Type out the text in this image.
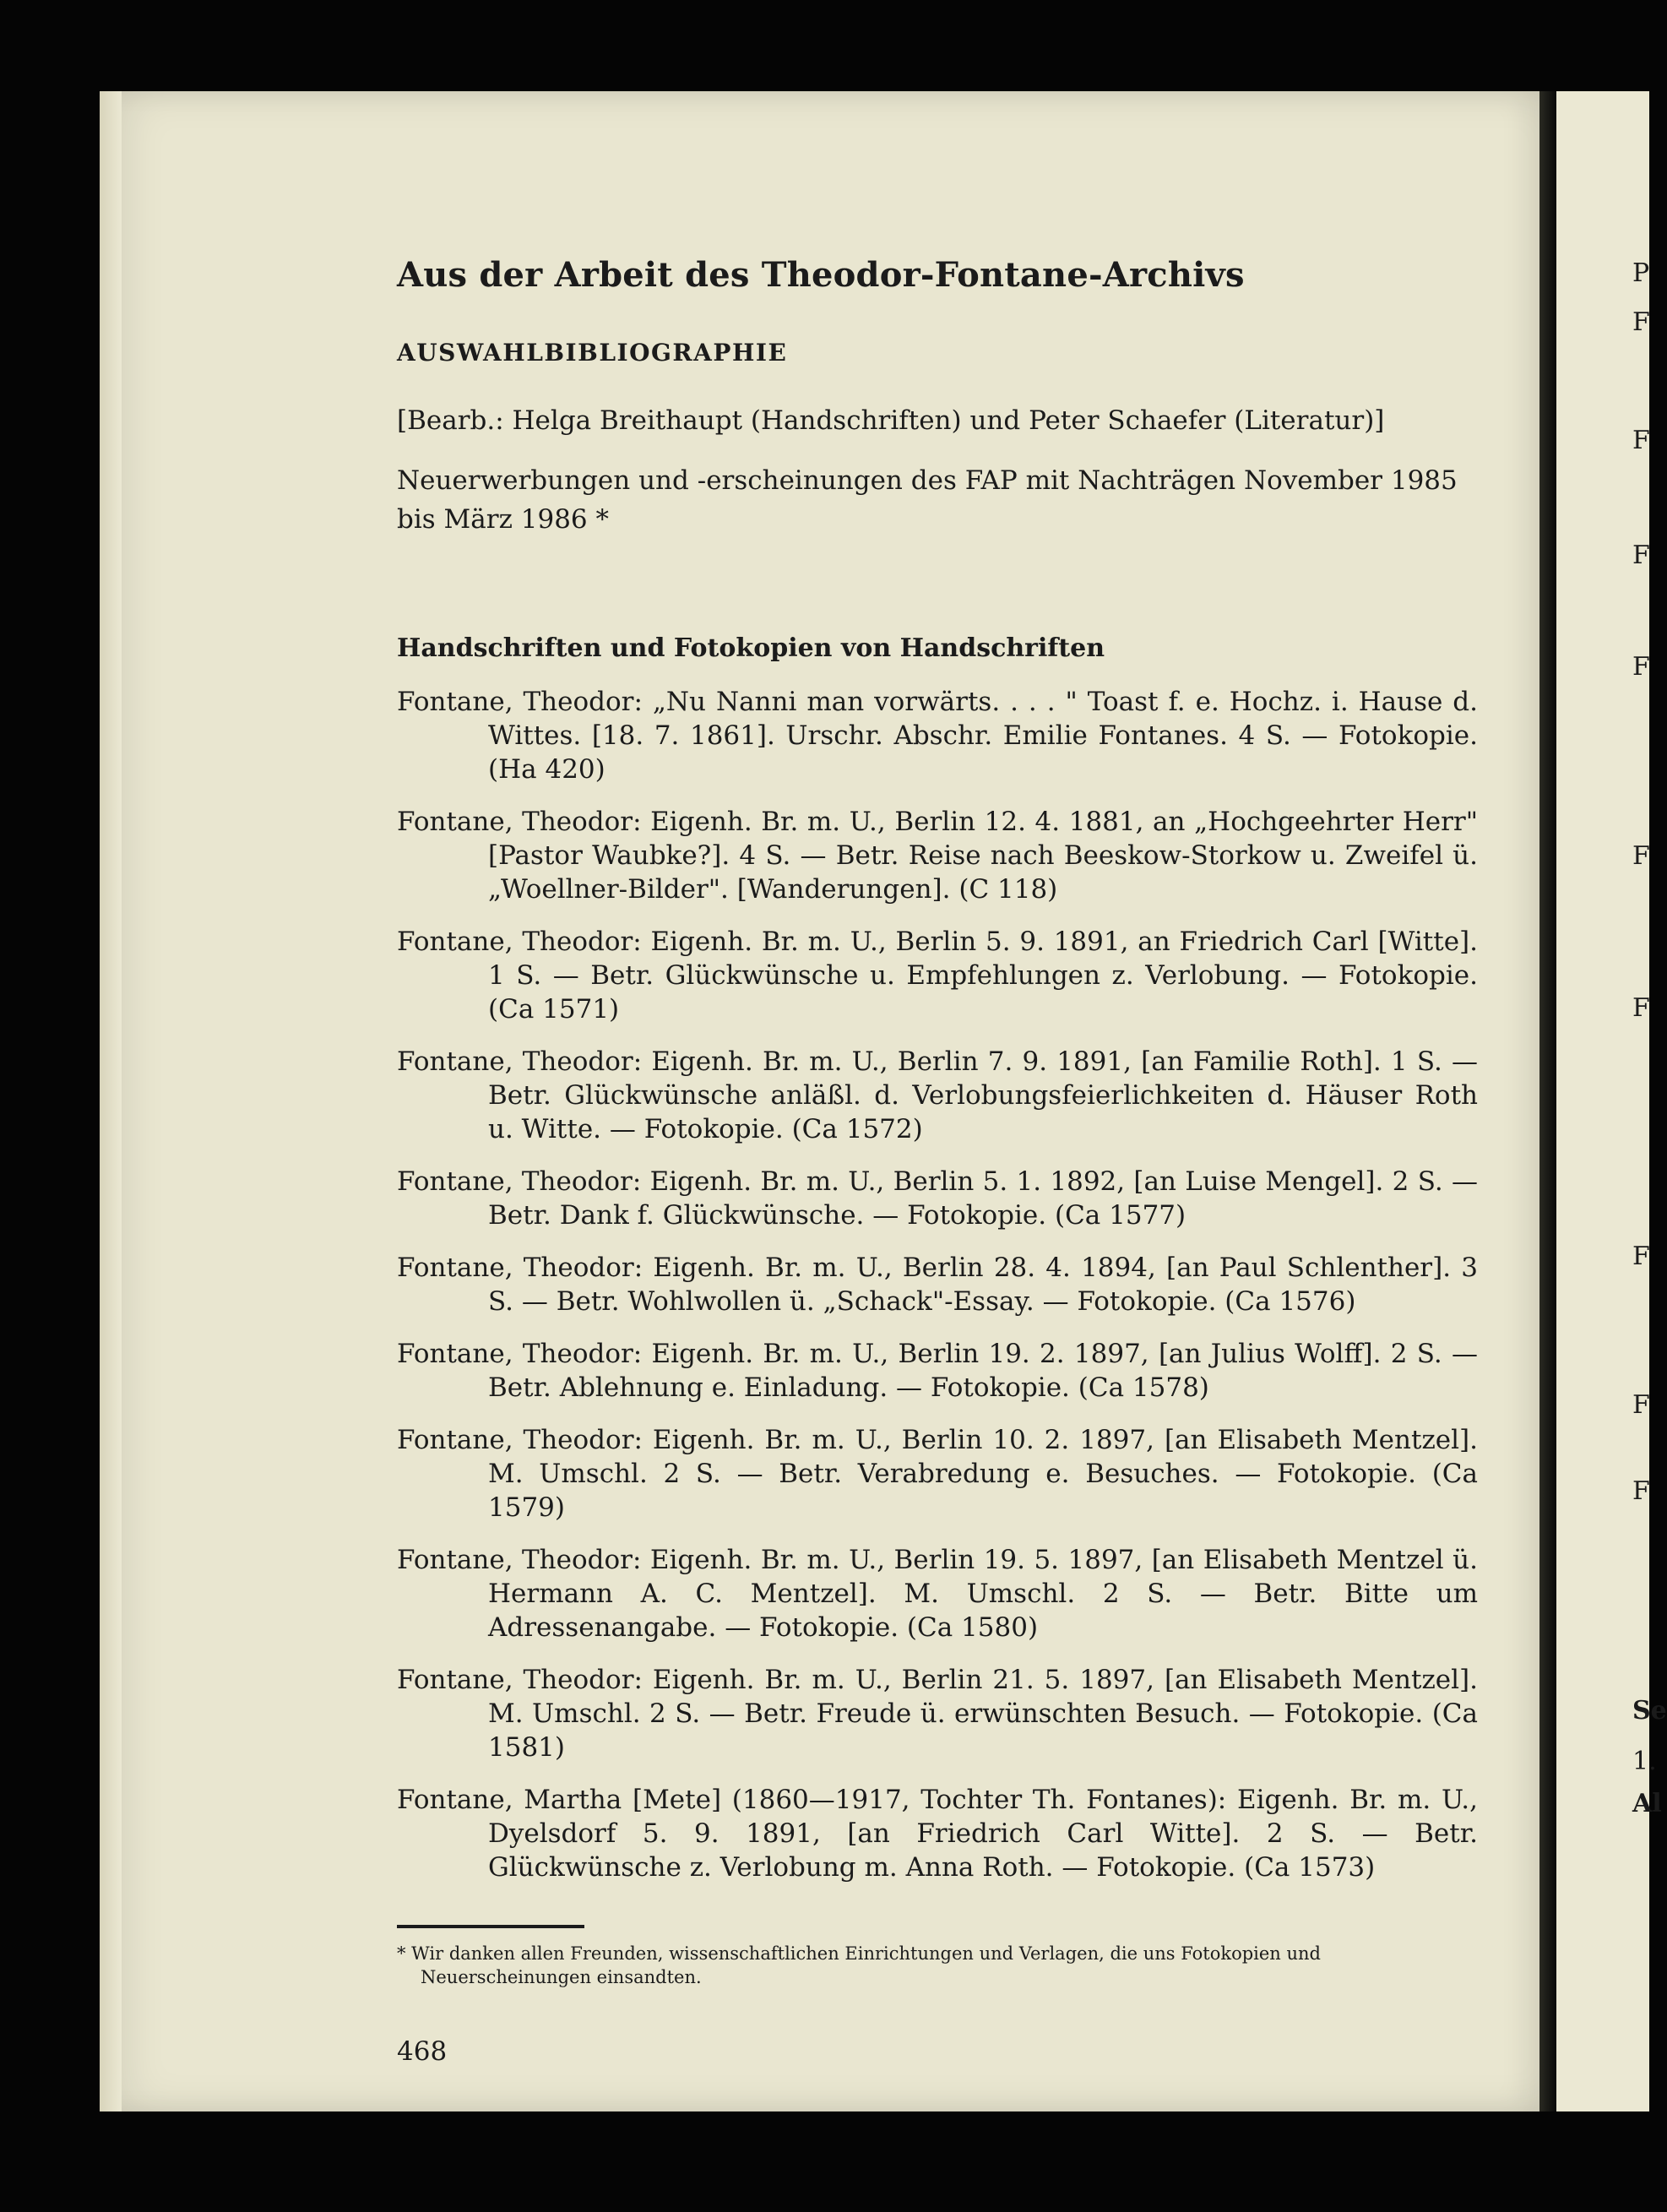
P
F
F
F
F
F
F
F
F
F
Se
1.
Al
Aus der Arbeit des Theodor-Fontane-Archivs
AUSWAHLBIBLIOGRAPHIE

[Bearb.: Helga Breithaupt (Handschriften) und Peter Schaefer (Literatur)]

Neuerwerbungen und -erscheinungen des FAP mit Nachträgen November 1985 bis März 1986 *

Handschriften und Fotokopien von Handschriften

Fontane, Theodor: „Nu Nanni man vorwärts. . . . " Toast f. e. Hochz. i. Hause d. Wittes. [18. 7. 1861]. Urschr. Abschr. Emilie Fontanes. 4 S. — Fotokopie. (Ha 420)

Fontane, Theodor: Eigenh. Br. m. U., Berlin 12. 4. 1881, an „Hochgeehrter Herr" [Pastor Waubke?]. 4 S. — Betr. Reise nach Beeskow-Storkow u. Zweifel ü. „Woellner-Bilder". [Wanderungen]. (C 118)

Fontane, Theodor: Eigenh. Br. m. U., Berlin 5. 9. 1891, an Friedrich Carl [Witte]. 1 S. — Betr. Glückwünsche u. Empfehlungen z. Verlobung. — Fotokopie. (Ca 1571)

Fontane, Theodor: Eigenh. Br. m. U., Berlin 7. 9. 1891, [an Familie Roth]. 1 S. — Betr. Glückwünsche anläßl. d. Verlobungsfeierlichkeiten d. Häuser Roth u. Witte. — Fotokopie. (Ca 1572)

Fontane, Theodor: Eigenh. Br. m. U., Berlin 5. 1. 1892, [an Luise Mengel]. 2 S. — Betr. Dank f. Glückwünsche. — Fotokopie. (Ca 1577)

Fontane, Theodor: Eigenh. Br. m. U., Berlin 28. 4. 1894, [an Paul Schlenther]. 3 S. — Betr. Wohlwollen ü. „Schack"-Essay. — Fotokopie. (Ca 1576)

Fontane, Theodor: Eigenh. Br. m. U., Berlin 19. 2. 1897, [an Julius Wolff]. 2 S. — Betr. Ablehnung e. Einladung. — Fotokopie. (Ca 1578)

Fontane, Theodor: Eigenh. Br. m. U., Berlin 10. 2. 1897, [an Elisabeth Mentzel]. M. Umschl. 2 S. — Betr. Verabredung e. Besuches. — Fotokopie. (Ca 1579)

Fontane, Theodor: Eigenh. Br. m. U., Berlin 19. 5. 1897, [an Elisabeth Mentzel ü. Hermann A. C. Mentzel]. M. Umschl. 2 S. — Betr. Bitte um Adressenangabe. — Fotokopie. (Ca 1580)

Fontane, Theodor: Eigenh. Br. m. U., Berlin 21. 5. 1897, [an Elisabeth Mentzel]. M. Umschl. 2 S. — Betr. Freude ü. erwünschten Besuch. — Fotokopie. (Ca 1581)

Fontane, Martha [Mete] (1860—1917, Tochter Th. Fontanes): Eigenh. Br. m. U., Dyelsdorf 5. 9. 1891, [an Friedrich Carl Witte]. 2 S. — Betr. Glückwünsche z. Verlobung m. Anna Roth. — Fotokopie. (Ca 1573)

* Wir danken allen Freunden, wissenschaftlichen Einrichtungen und Verlagen, die uns Fotokopien und Neuerscheinungen einsandten.

468
